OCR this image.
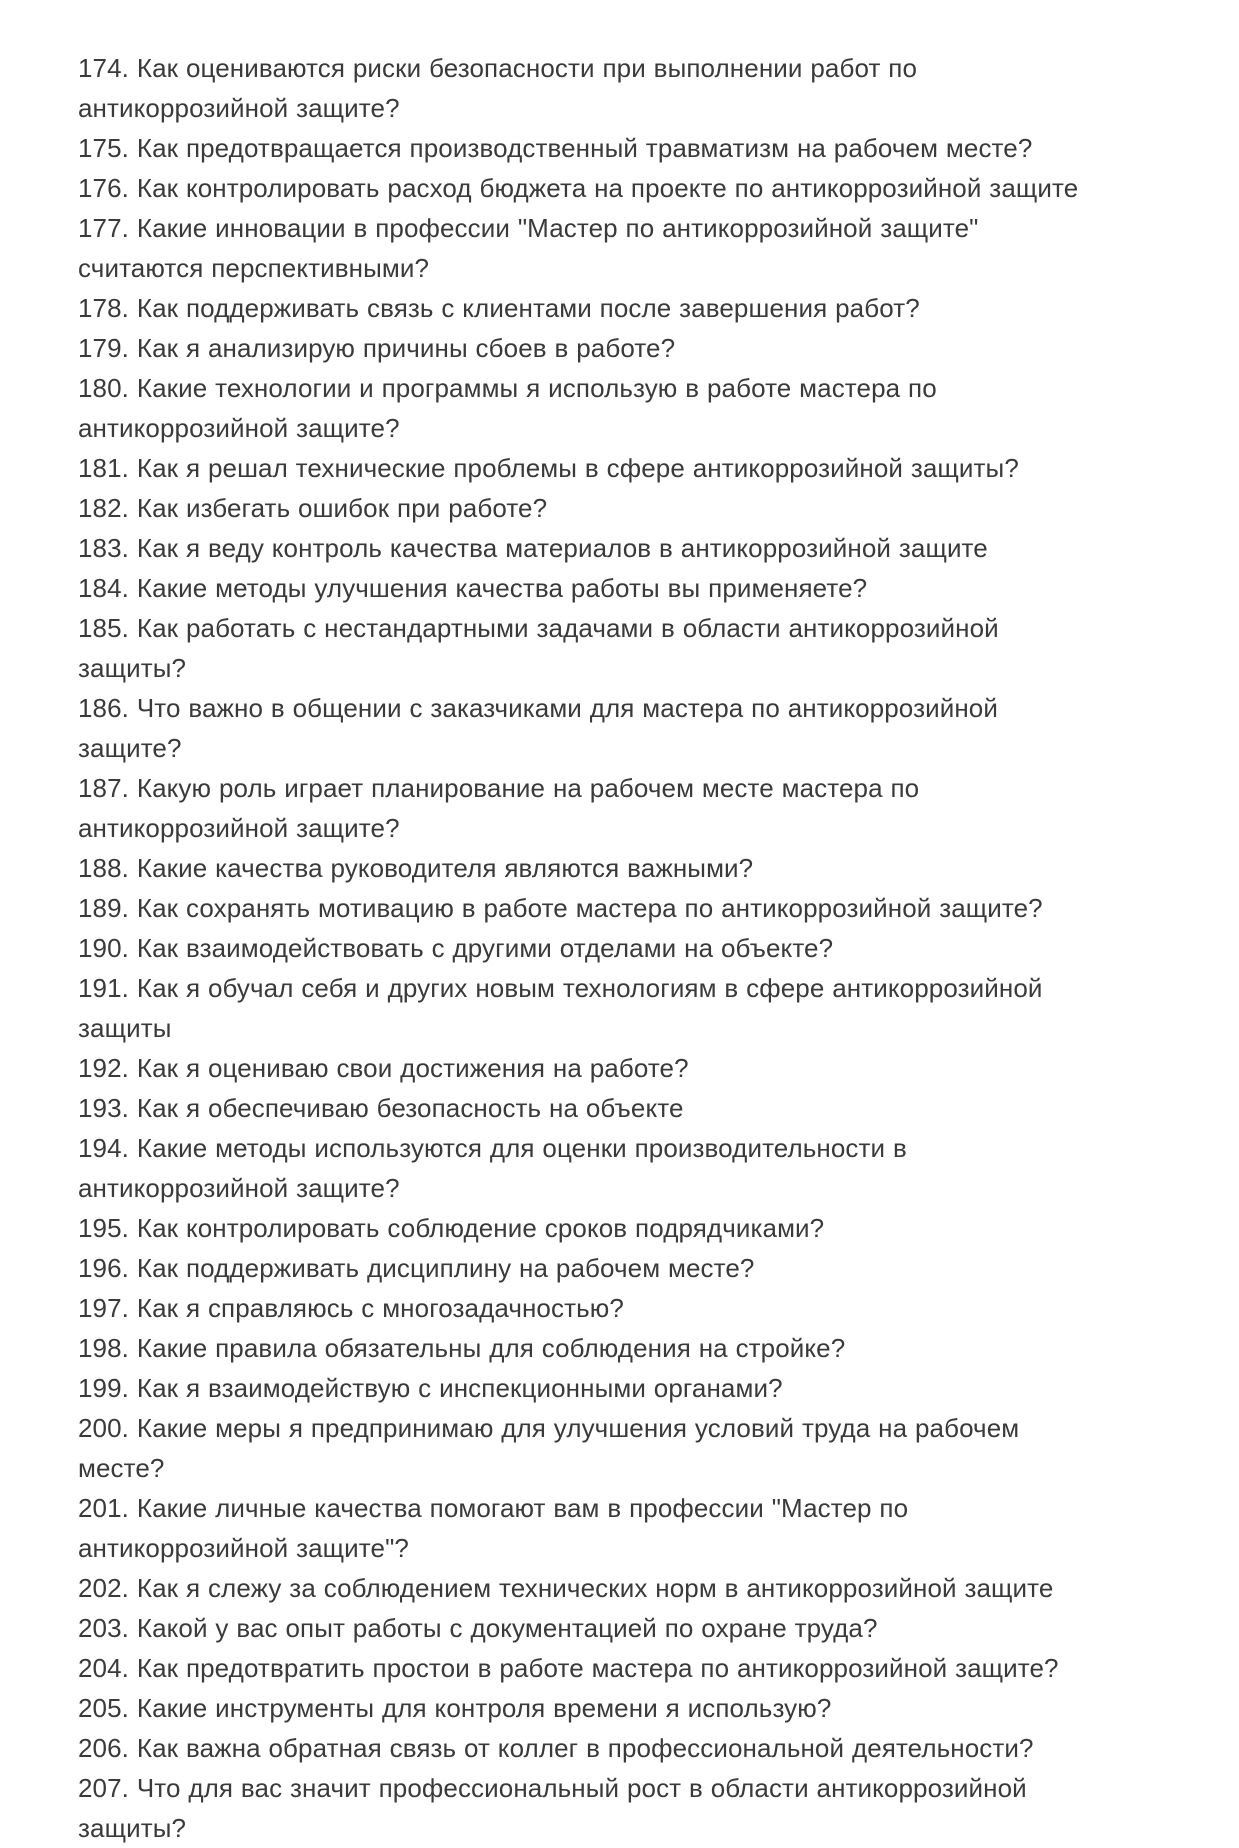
174. Как оцениваются риски безопасности при выполнении работ по антикоррозийной защите?

175. Как предотвращается производственный травматизм на рабочем месте?

176. Как контролировать расход бюджета на проекте по антикоррозийной защите

177. Какие инновации в профессии "Мастер по антикоррозийной защите" считаются перспективными?

178. Как поддерживать связь с клиентами после завершения работ?

179. Как я анализирую причины сбоев в работе?

180. Какие технологии и программы я использую в работе мастера по антикоррозийной защите?

181. Как я решал технические проблемы в сфере антикоррозийной защиты?

182. Как избегать ошибок при работе?

183. Как я веду контроль качества материалов в антикоррозийной защите

184. Какие методы улучшения качества работы вы применяете?

185. Как работать с нестандартными задачами в области антикоррозийной защиты?

186. Что важно в общении с заказчиками для мастера по антикоррозийной защите?

187. Какую роль играет планирование на рабочем месте мастера по антикоррозийной защите?

188. Какие качества руководителя являются важными?

189. Как сохранять мотивацию в работе мастера по антикоррозийной защите?

190. Как взаимодействовать с другими отделами на объекте?

191. Как я обучал себя и других новым технологиям в сфере антикоррозийной защиты

192. Как я оцениваю свои достижения на работе?

193. Как я обеспечиваю безопасность на объекте

194. Какие методы используются для оценки производительности в антикоррозийной защите?

195. Как контролировать соблюдение сроков подрядчиками?

196. Как поддерживать дисциплину на рабочем месте?

197. Как я справляюсь с многозадачностью?

198. Какие правила обязательны для соблюдения на стройке?

199. Как я взаимодействую с инспекционными органами?

200. Какие меры я предпринимаю для улучшения условий труда на рабочем месте?

201. Какие личные качества помогают вам в профессии "Мастер по антикоррозийной защите"?

202. Как я слежу за соблюдением технических норм в антикоррозийной защите

203. Какой у вас опыт работы с документацией по охране труда?

204. Как предотвратить простои в работе мастера по антикоррозийной защите?

205. Какие инструменты для контроля времени я использую?

206. Как важна обратная связь от коллег в профессиональной деятельности?

207. Что для вас значит профессиональный рост в области антикоррозийной защиты?
